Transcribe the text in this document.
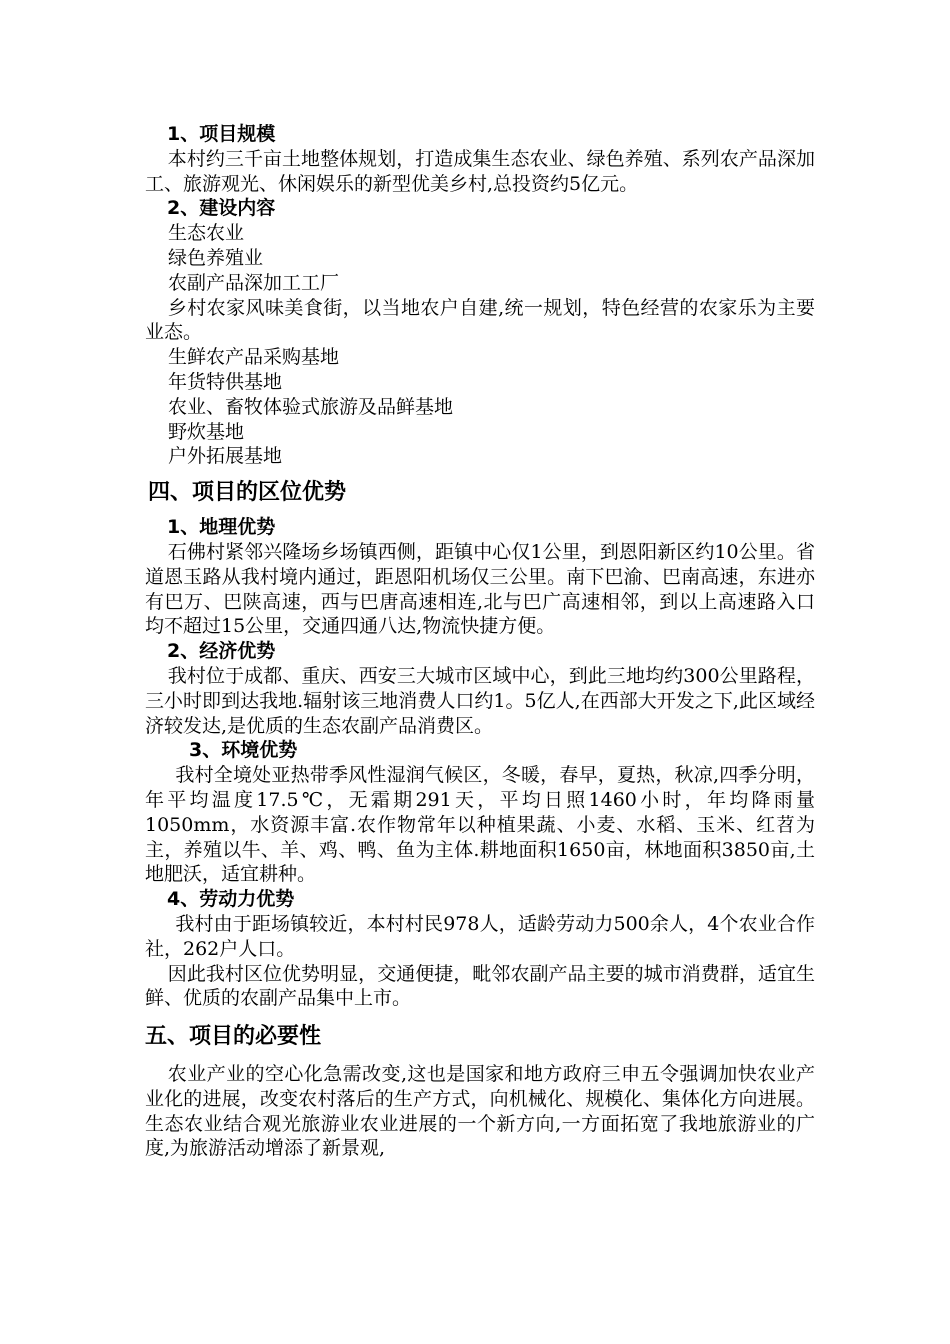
1、项目规模

本村约三千亩土地整体规划，打造成集生态农业、绿色养殖、系列农产品深加工、旅游观光、休闲娱乐的新型优美乡村,总投资约5亿元。

2、建设内容

生态农业

绿色养殖业

农副产品深加工工厂

乡村农家风味美食街，以当地农户自建,统一规划，特色经营的农家乐为主要业态。

生鲜农产品采购基地

年货特供基地

农业、畜牧体验式旅游及品鲜基地

野炊基地

户外拓展基地

四、项目的区位优势
1、地理优势

石佛村紧邻兴隆场乡场镇西侧，距镇中心仅1公里，到恩阳新区约10公里。省道恩玉路从我村境内通过，距恩阳机场仅三公里。南下巴渝、巴南高速，东进亦有巴万、巴陕高速，西与巴唐高速相连,北与巴广高速相邻，到以上高速路入口均不超过15公里，交通四通八达,物流快捷方便。

2、经济优势

我村位于成都、重庆、西安三大城市区域中心，到此三地均约300公里路程，三小时即到达我地.辐射该三地消费人口约1。5亿人,在西部大开发之下,此区域经济较发达,是优质的生态农副产品消费区。

3、环境优势

我村全境处亚热带季风性湿润气候区，冬暖，春早，夏热，秋凉,四季分明，年平均温度17.5℃，无霜期291天，平均日照1460小时，年均降雨量1050mm，水资源丰富.农作物常年以种植果蔬、小麦、水稻、玉米、红苕为主，养殖以牛、羊、鸡、鸭、鱼为主体.耕地面积1650亩，林地面积3850亩,土地肥沃，适宜耕种。

4、劳动力优势

我村由于距场镇较近，本村村民978人，适龄劳动力500余人，4个农业合作社，262户人口。

因此我村区位优势明显，交通便捷，毗邻农副产品主要的城市消费群，适宜生鲜、优质的农副产品集中上市。

五、项目的必要性

农业产业的空心化急需改变,这也是国家和地方政府三申五令强调加快农业产业化的进展，改变农村落后的生产方式，向机械化、规模化、集体化方向进展。生态农业结合观光旅游业农业进展的一个新方向,一方面拓宽了我地旅游业的广度,为旅游活动增添了新景观,
